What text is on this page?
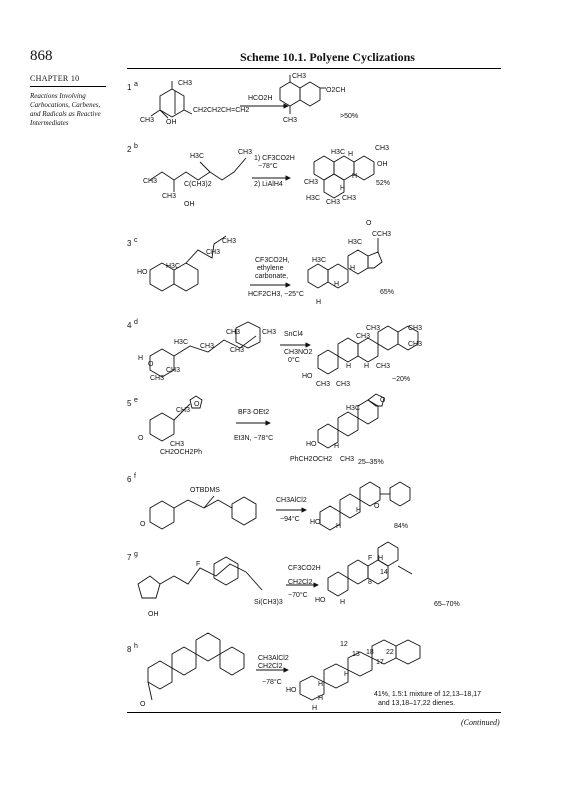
868	Scheme 10.1. Polyene Cyclizations
CHAPTER 10
Reactions Involving Carbocations, Carbenes, and Radicals as Reactive Intermediates
1 a	CH3
CH3 OH
CH2CH2CH=CH2
HCO2H
CH3
O2CH
CH3
>50%
2 b
H3C
CH3
CH3	C(CH3)2
CH3
OH
1) CF3CO2H
−78°C
2) LiAlH4
H3C H
CH3
OH
CH3
H
H
H3C
CH3
CH3
52%
3 c	CH3
H3C
CH3
HO
CF3CO2H,
ethylene
carbonate,
HCF2CH3, −25°C
O
CCH3
H3C
H3C
H
H
H
65%
4 d
H3C
CH3
H
O
CH3
CH3
CH3
CH3
CH3
SnCl4
CH3NO2
0°C
CH3	CH3
CH3
HO
H H CH3
CH3 CH3
CH3
~20%
5 e
O
CH3
O
CH3
CH2OCH2Ph
BF3·OEt2
Et3N, −78°C
O
H3C
HO	H
PhCH2OCH2 CH3 25–35%
6 f
OTBDMS
O
CH3AlCl2
−94°C
O
H
HO
H	84%
7 g
F
OH
Si(CH3)3
CF3CO2H
CH2Cl2
−70°C
F H
8
14
HO H	65–70%
8 h
O
CH3AlCl2
CH2Cl2
−78°C
12
22
13 18
17
HO
H
H
H
H
41%, 1.5:1 mixture of 12,13–18,17
and 13,18–17,22 dienes.
(Continued)
